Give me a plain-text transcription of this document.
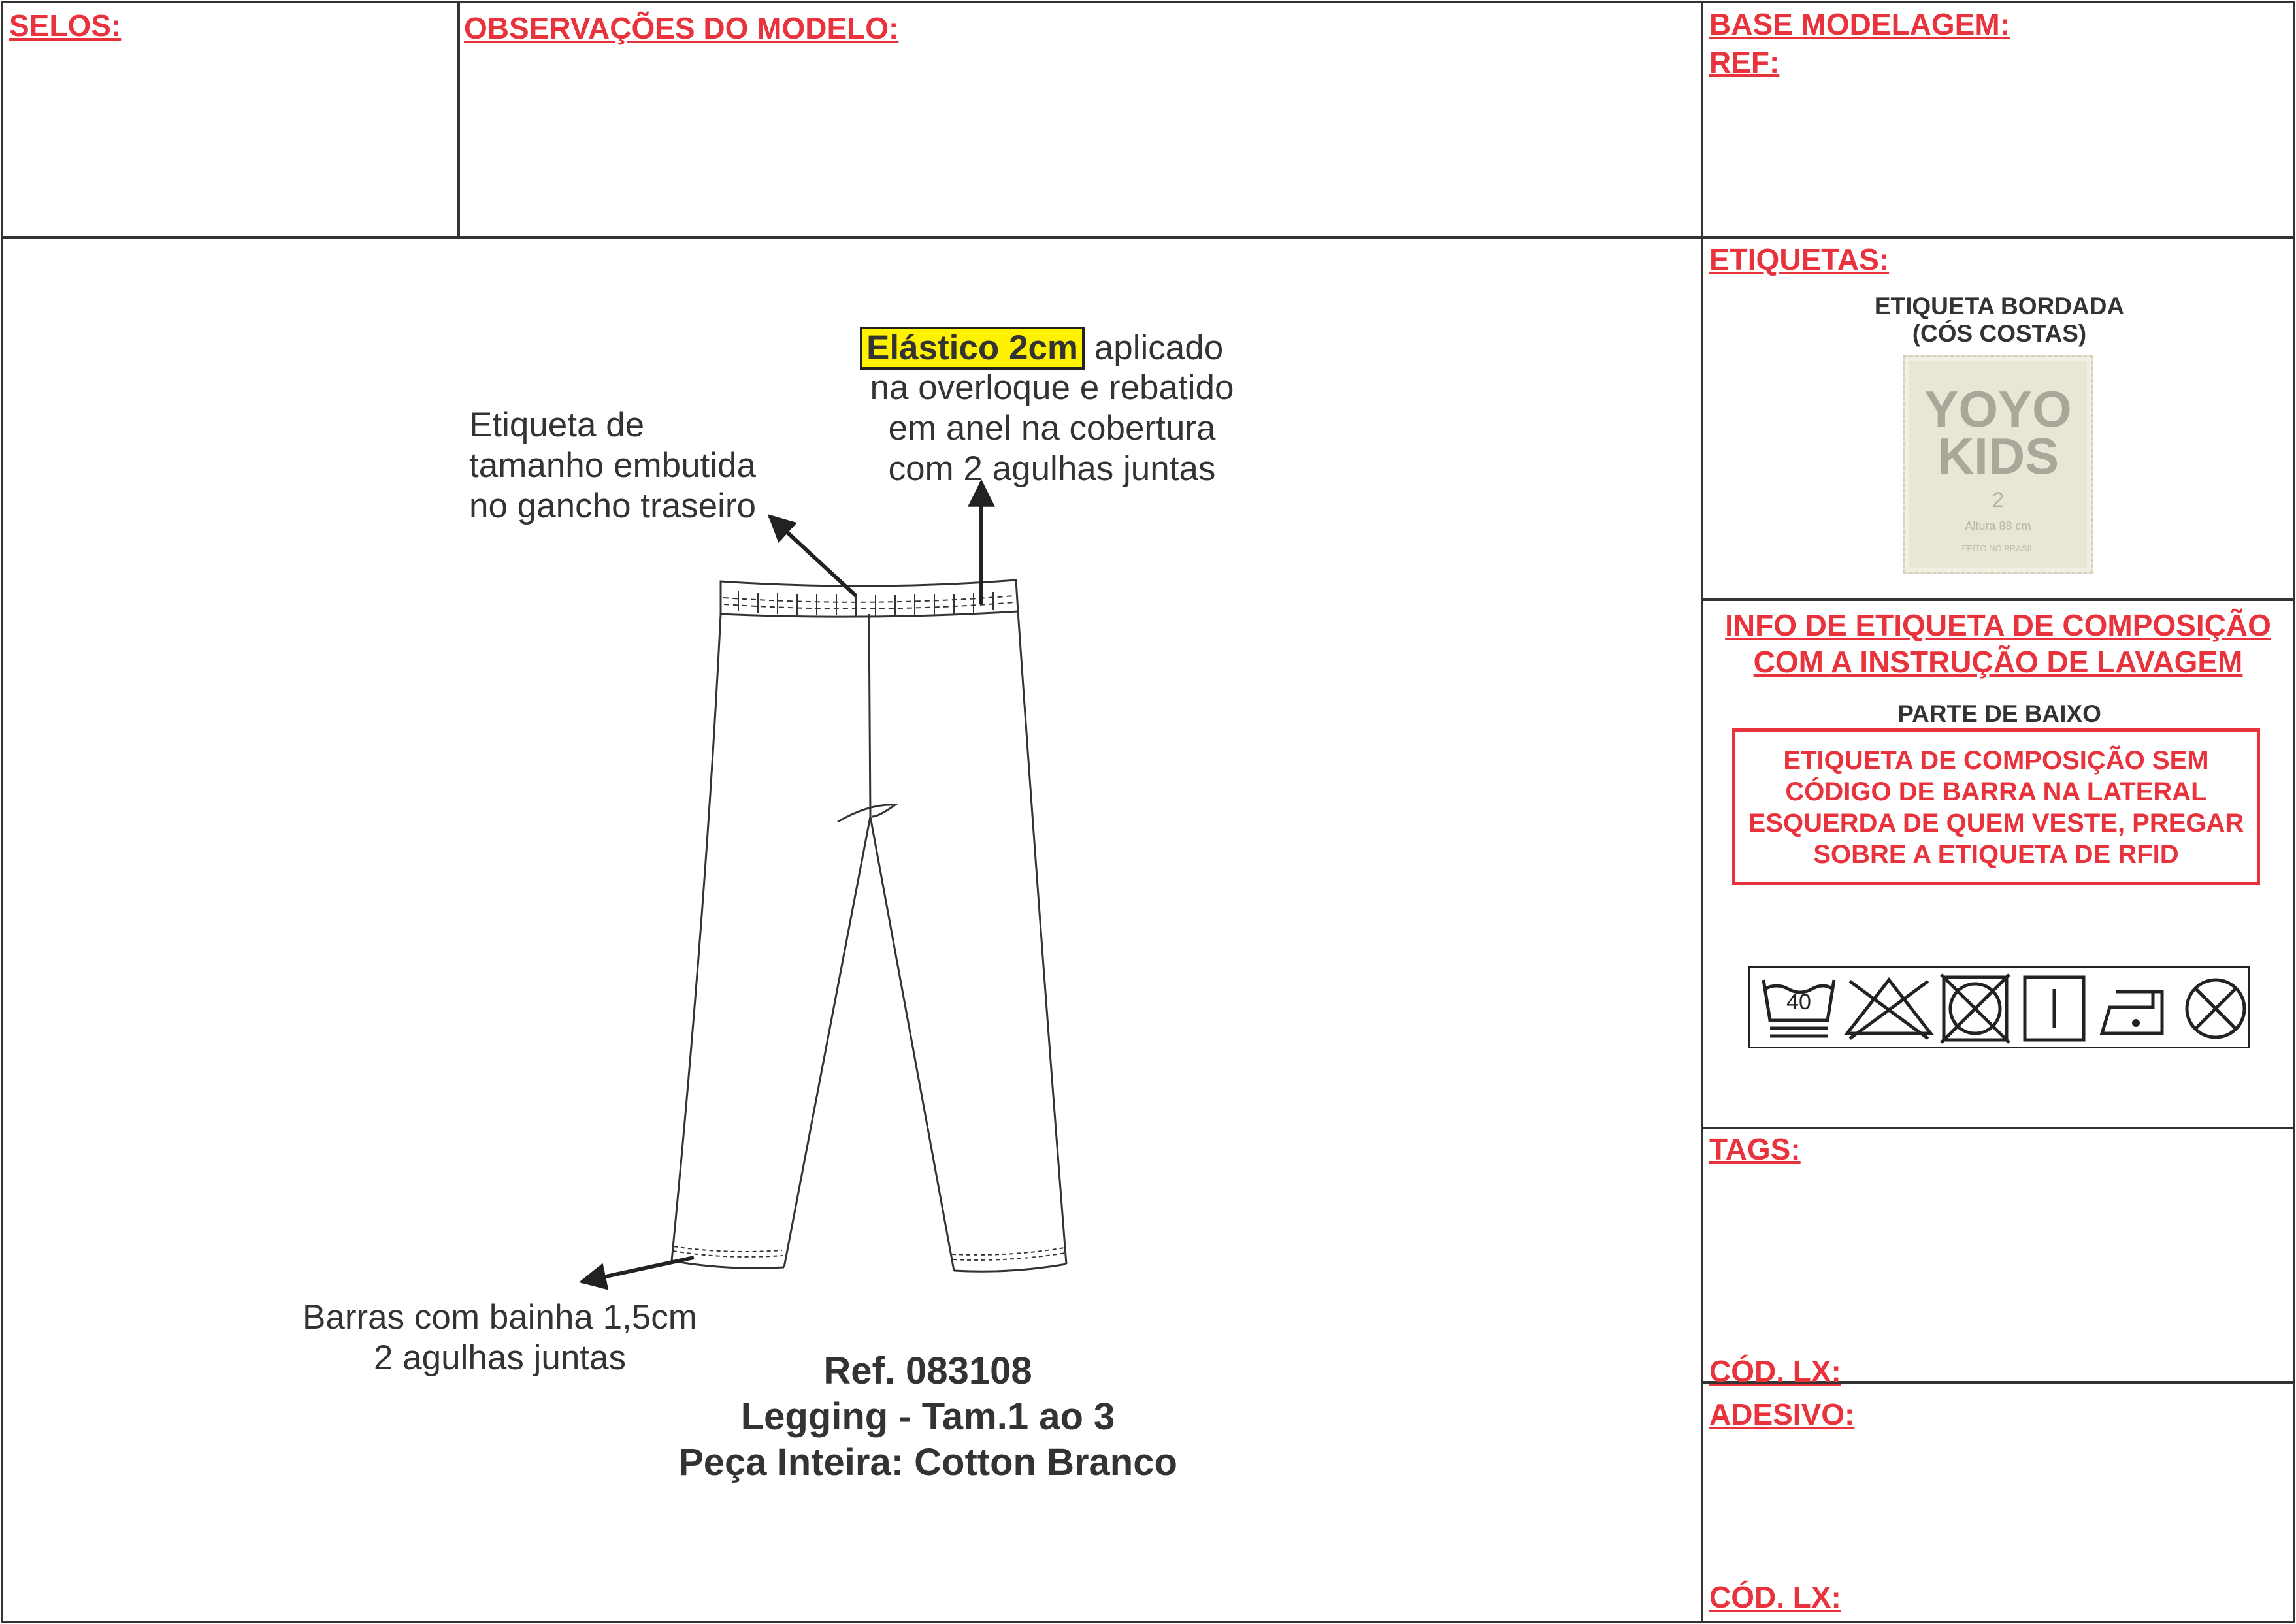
SELOS:	OBSERVAÇÕES DO MODELO:	BASE MODELAGEM:
REF:
Elástico 2cm aplicado
na overloque e rebatido
em anel na cobertura
com 2 agulhas juntas
Etiqueta de
tamanho embutida
no gancho traseiro
Barras com bainha 1,5cm
2 agulhas juntas	Ref. 083108
Legging - Tam.1 ao 3
Peça Inteira: Cotton Branco
ETIQUETAS:
ETIQUETA BORDADA
(CÓS COSTAS)
YOYO
KIDS
2
Altura 88 cm
FEITO NO BRASIL
INFO DE ETIQUETA DE COMPOSIÇÃO
COM A INSTRUÇÃO DE LAVAGEM
PARTE DE BAIXO
ETIQUETA DE COMPOSIÇÃO SEM
CÓDIGO DE BARRA NA LATERAL
ESQUERDA DE QUEM VESTE, PREGAR
SOBRE A ETIQUETA DE RFID
40
TAGS:
CÓD. LX:
ADESIVO:
CÓD. LX:
